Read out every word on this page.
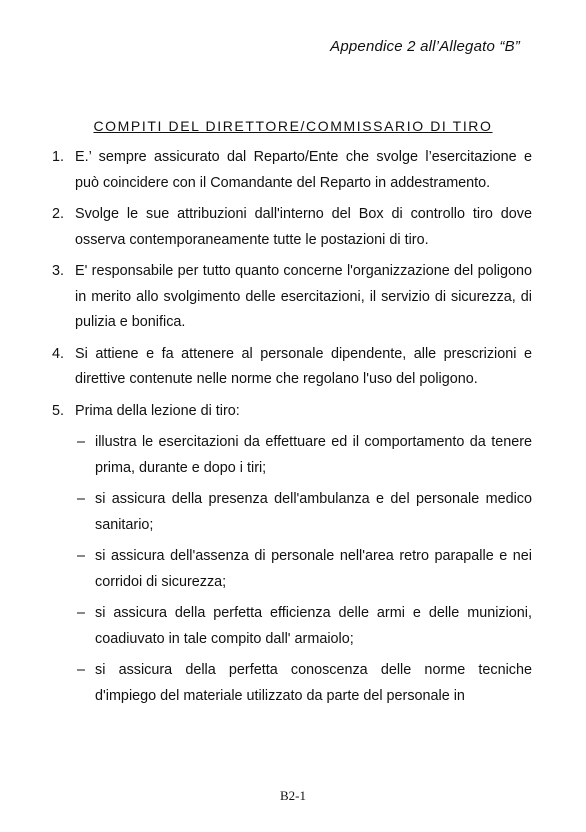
Appendice 2 all’Allegato “B”
COMPITI DEL DIRETTORE/COMMISSARIO DI TIRO
1. E.’ sempre assicurato dal Reparto/Ente che svolge l’esercitazione e può coincidere con il Comandante del Reparto in addestramento.
2. Svolge le sue attribuzioni dall'interno del Box di controllo tiro dove osserva contemporaneamente tutte le postazioni di tiro.
3. E' responsabile per tutto quanto concerne l'organizzazione del poligono in merito allo svolgimento delle esercitazioni, il servizio di sicurezza, di pulizia e bonifica.
4. Si attiene e fa attenere al personale dipendente, alle prescrizioni e direttive contenute nelle norme che regolano l'uso del poligono.
5. Prima della lezione di tiro:
– illustra le esercitazioni da effettuare ed il comportamento da tenere prima, durante e dopo i tiri;
– si assicura della presenza dell'ambulanza e del personale medico sanitario;
– si assicura dell'assenza di personale nell'area retro parapalle e nei corridoi di sicurezza;
– si assicura della perfetta efficienza delle armi e delle munizioni, coadiuvato in tale compito dall' armaiolo;
– si assicura della perfetta conoscenza delle norme tecniche d'impiego del materiale utilizzato da parte del personale in
B2-1
